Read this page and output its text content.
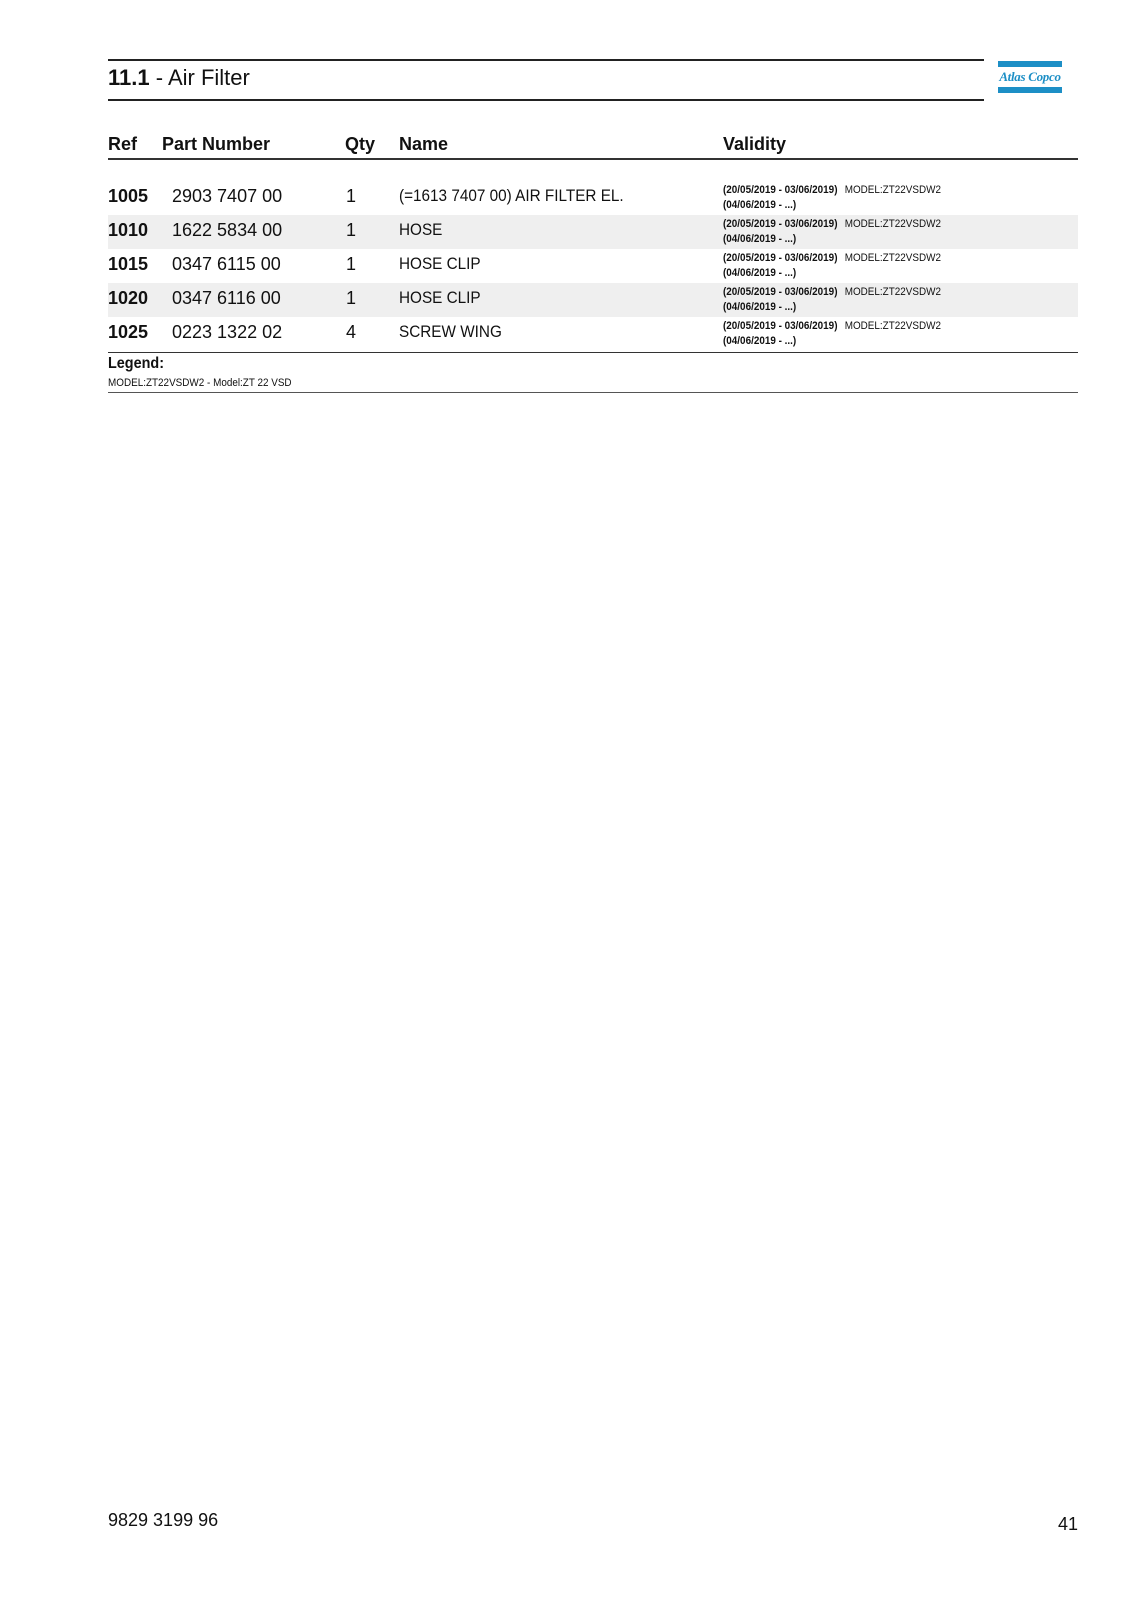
11.1 - Air Filter	Atlas Copco
Ref Part Number	Qty Name	Validity
1005 2903 7407 00	1	(=1613 7407 00) AIR FILTER EL.	(20/05/2019 - 03/06/2019) MODEL:ZT22VSDW2
(04/06/2019 - ...)
1010 1622 5834 00	1	HOSE	(20/05/2019 - 03/06/2019) MODEL:ZT22VSDW2
(04/06/2019 - ...)
1015 0347 6115 00	1	HOSE CLIP	(20/05/2019 - 03/06/2019) MODEL:ZT22VSDW2
(04/06/2019 - ...)
1020 0347 6116 00	1	HOSE CLIP	(20/05/2019 - 03/06/2019) MODEL:ZT22VSDW2
(04/06/2019 - ...)
1025 0223 1322 02	4	SCREW WING	(20/05/2019 - 03/06/2019) MODEL:ZT22VSDW2
(04/06/2019 - ...)
Legend:
MODEL:ZT22VSDW2 - Model:ZT 22 VSD
9829 3199 96	41
